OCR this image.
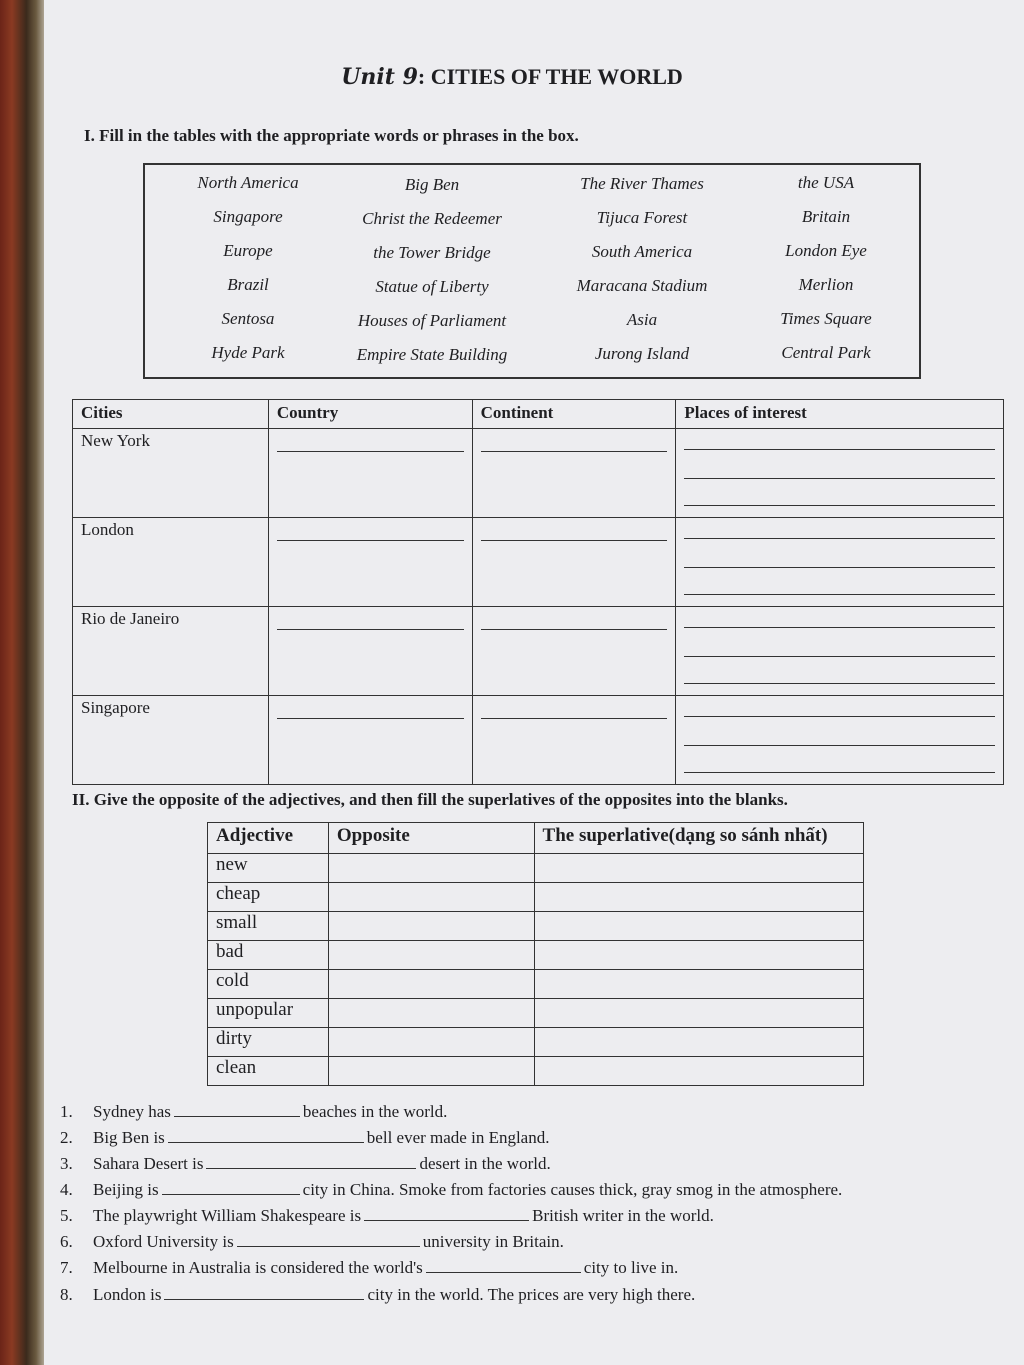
Unit 9: CITIES OF THE WORLD
I. Fill in the tables with the appropriate words or phrases in the box.
North America	Big Ben	The River Thames	the USA
Singapore	Christ the Redeemer	Tijuca Forest	Britain
Europe	the Tower Bridge	South America	London Eye
Brazil	Statue of Liberty	Maracana Stadium	Merlion
Sentosa	Houses of Parliament	Asia	Times Square
Hyde Park	Empire State Building	Jurong Island	Central Park
Cities	Country	Continent	Places of interest
New York	

London	

Rio de Janeiro	

Singapore	

II. Give the opposite of the adjectives, and then fill the superlatives of the opposites into the blanks.
Adjective	Opposite	The superlative(dạng so sánh nhất)
new		
cheap		
small		
bad		
cold		
unpopular		
dirty		
clean		
1. Sydney has	beaches in the world.
2. Big Ben is	bell ever made in England.
3. Sahara Desert is	desert in the world.
4. Beijing is	city in China. Smoke from factories causes thick, gray smog in the atmosphere.
5. The playwright William Shakespeare is	British writer in the world.
6. Oxford University is	university in Britain.
7. Melbourne in Australia is considered the world's	city to live in.
8. London is	city in the world. The prices are very high there.
